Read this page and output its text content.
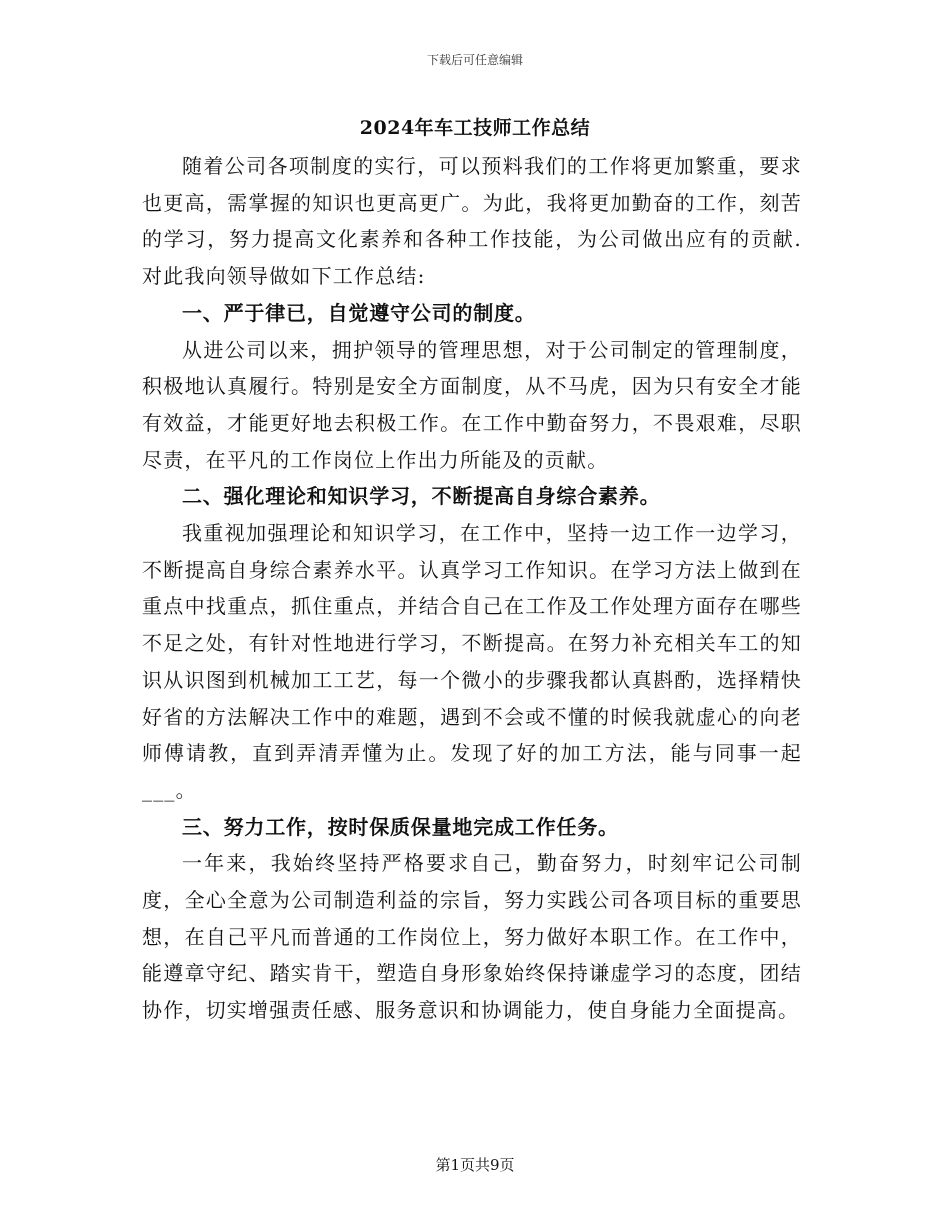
下载后可任意编辑
2024年车工技师工作总结

随着公司各项制度的实行，可以预料我们的工作将更加繁重，要求也更高，需掌握的知识也更高更广。为此，我将更加勤奋的工作，刻苦的学习，努力提高文化素养和各种工作技能，为公司做出应有的贡献.对此我向领导做如下工作总结:

一、严于律已，自觉遵守公司的制度。

从进公司以来，拥护领导的管理思想，对于公司制定的管理制度，积极地认真履行。特别是安全方面制度，从不马虎，因为只有安全才能有效益，才能更好地去积极工作。在工作中勤奋努力，不畏艰难，尽职尽责，在平凡的工作岗位上作出力所能及的贡献。

二、强化理论和知识学习，不断提高自身综合素养。

我重视加强理论和知识学习，在工作中，坚持一边工作一边学习，不断提高自身综合素养水平。认真学习工作知识。在学习方法上做到在重点中找重点，抓住重点，并结合自己在工作及工作处理方面存在哪些不足之处，有针对性地进行学习，不断提高。在努力补充相关车工的知识从识图到机械加工工艺，每一个微小的步骤我都认真斟酌，选择精快好省的方法解决工作中的难题，遇到不会或不懂的时候我就虚心的向老师傅请教，直到弄清弄懂为止。发现了好的加工方法，能与同事一起___。

三、努力工作，按时保质保量地完成工作任务。

一年来，我始终坚持严格要求自己，勤奋努力，时刻牢记公司制度，全心全意为公司制造利益的宗旨，努力实践公司各项目标的重要思想，在自己平凡而普通的工作岗位上，努力做好本职工作。在工作中，能遵章守纪、踏实肯干，塑造自身形象始终保持谦虚学习的态度，团结协作，切实增强责任感、服务意识和协调能力，使自身能力全面提高。

第1页共9页
